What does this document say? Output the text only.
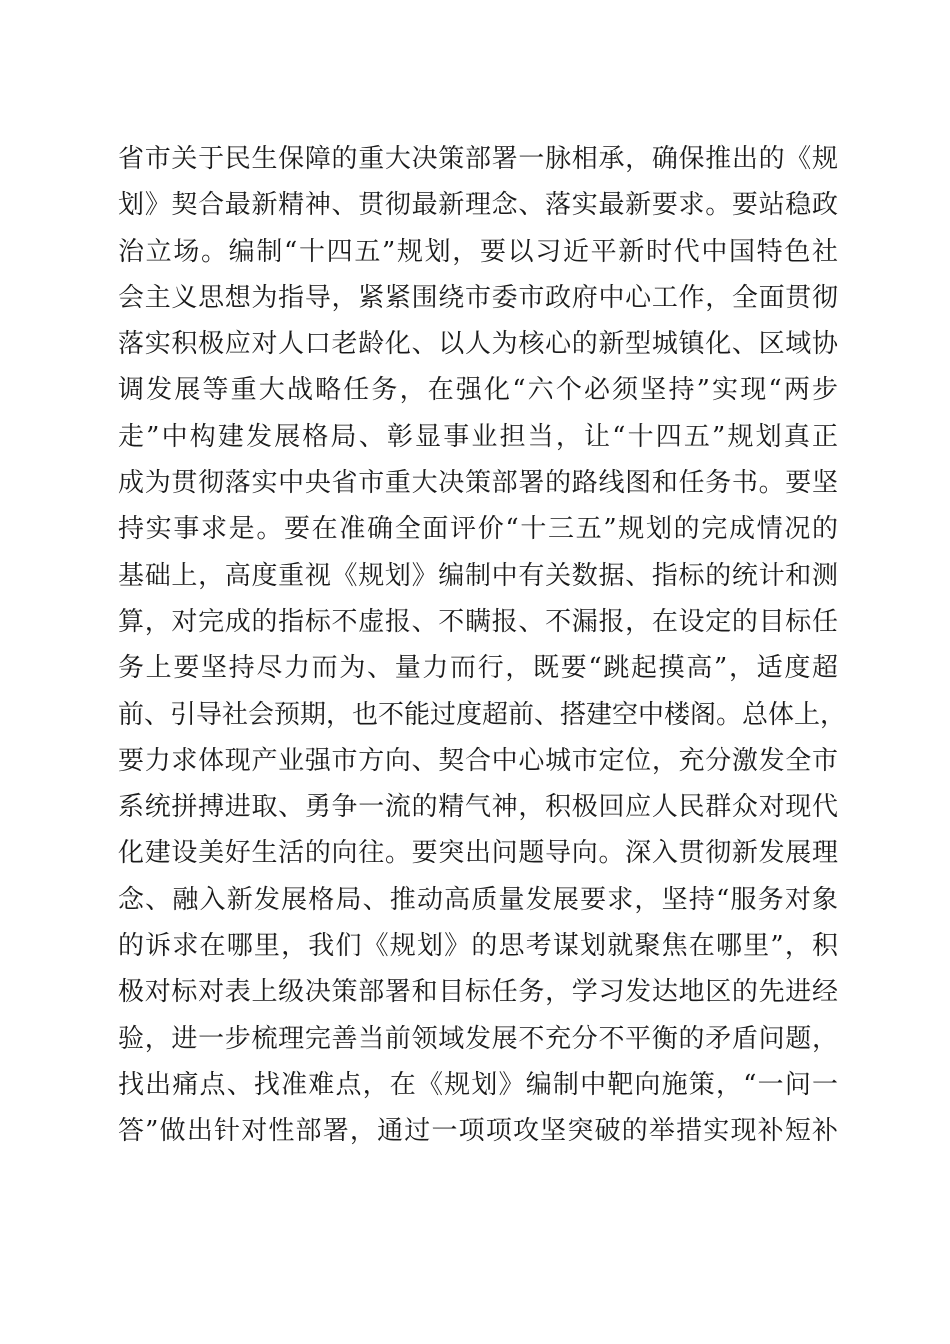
省市关于民生保障的重大决策部署一脉相承，确保推出的《规
划》契合最新精神、贯彻最新理念、落实最新要求。要站稳政
治立场。编制“十四五”规划，要以习近平新时代中国特色社
会主义思想为指导，紧紧围绕市委市政府中心工作，全面贯彻
落实积极应对人口老龄化、以人为核心的新型城镇化、区域协
调发展等重大战略任务，在强化“六个必须坚持”实现“两步
走”中构建发展格局、彰显事业担当，让“十四五”规划真正
成为贯彻落实中央省市重大决策部署的路线图和任务书。要坚
持实事求是。要在准确全面评价“十三五”规划的完成情况的
基础上，高度重视《规划》编制中有关数据、指标的统计和测
算，对完成的指标不虚报、不瞒报、不漏报，在设定的目标任
务上要坚持尽力而为、量力而行，既要“跳起摸高”，适度超
前、引导社会预期，也不能过度超前、搭建空中楼阁。总体上，
要力求体现产业强市方向、契合中心城市定位，充分激发全市
系统拼搏进取、勇争一流的精气神，积极回应人民群众对现代
化建设美好生活的向往。要突出问题导向。深入贯彻新发展理
念、融入新发展格局、推动高质量发展要求，坚持“服务对象
的诉求在哪里，我们《规划》的思考谋划就聚焦在哪里”，积
极对标对表上级决策部署和目标任务，学习发达地区的先进经
验，进一步梳理完善当前领域发展不充分不平衡的矛盾问题，
找出痛点、找准难点，在《规划》编制中靶向施策，“一问一
答”做出针对性部署，通过一项项攻坚突破的举措实现补短补
